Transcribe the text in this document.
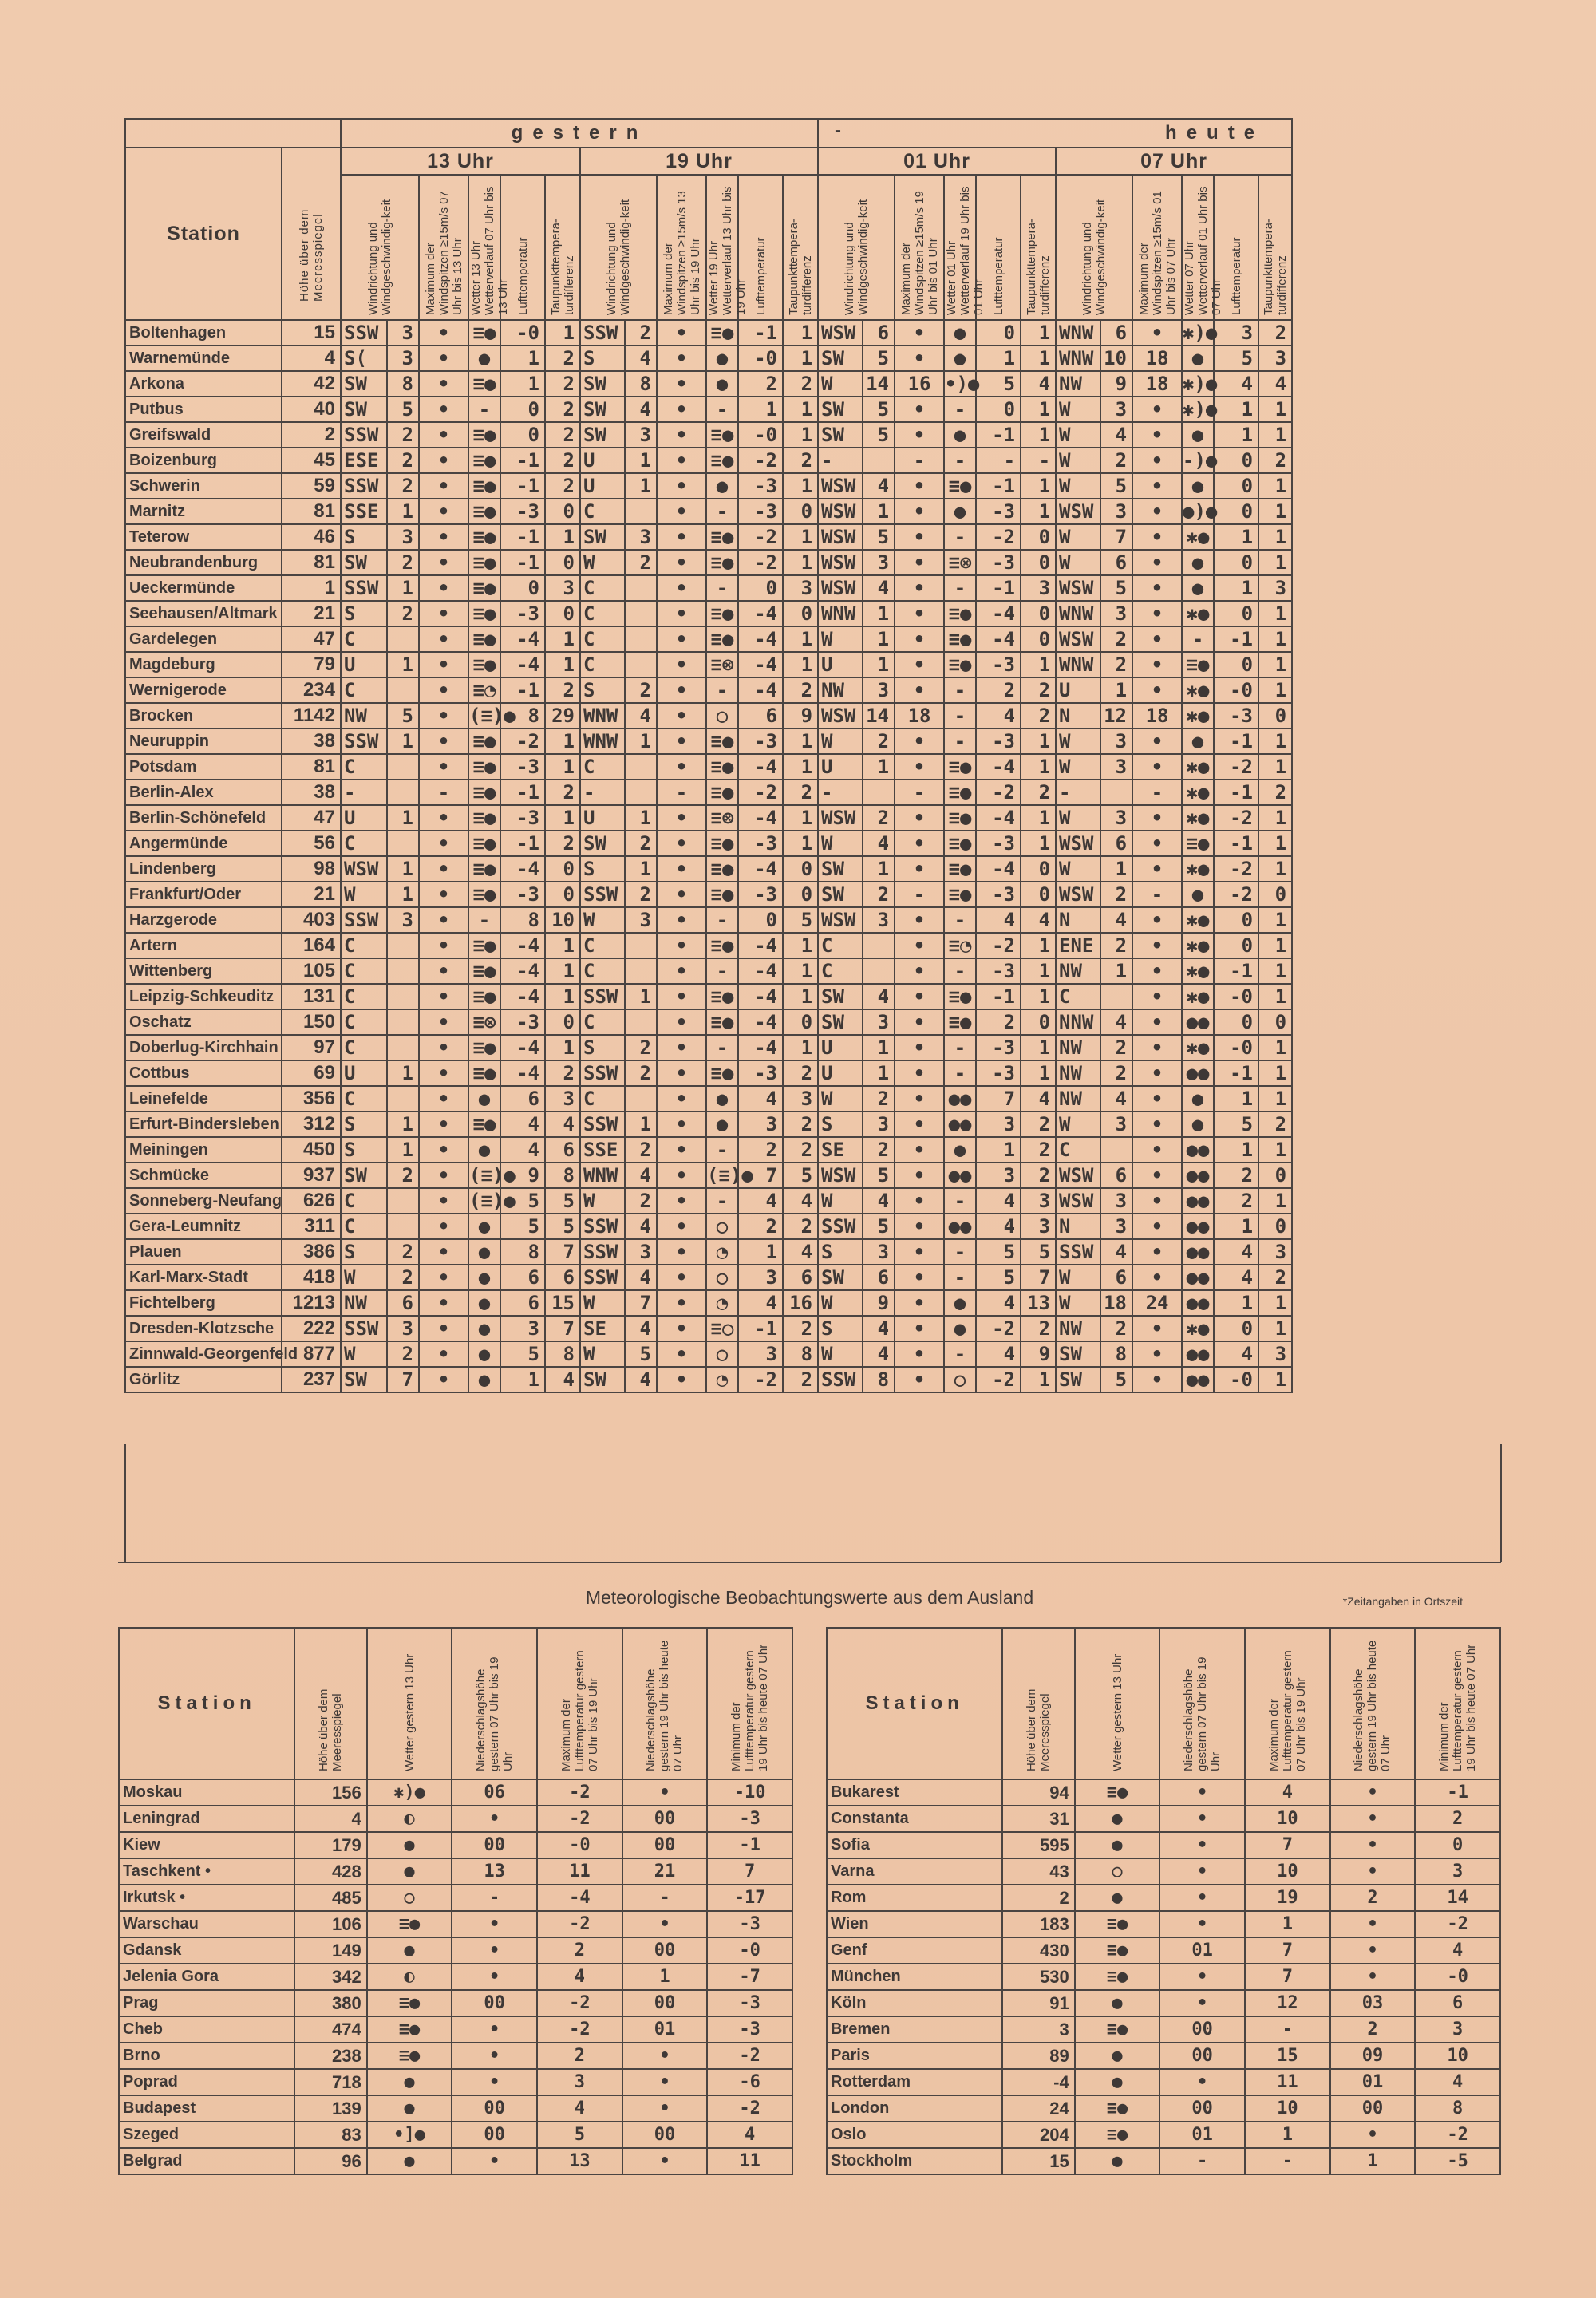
		gestern												- heute											
Station	Höhe über dem Meeresspiegel	13 Uhr						19 Uhr						01 Uhr						07 Uhr					

		Windrichtung und Windgeschwindig-keit		Maximum der Windspitzen ≥15m/s 07 Uhr bis 13 Uhr	Wetter 13 Uhr Wetterverlauf 07 Uhr bis 13 Uhr	Lufttemperatur	Taupunkttempera-turdifferenz	Windrichtung und Windgeschwindig-keit		Maximum der Windspitzen ≥15m/s 13 Uhr bis 19 Uhr	Wetter 19 Uhr Wetterverlauf 13 Uhr bis 19 Uhr	Lufttemperatur	Taupunkttempera-turdifferenz	Windrichtung und Windgeschwindig-keit		Maximum der Windspitzen ≥15m/s 19 Uhr bis 01 Uhr	Wetter 01 Uhr Wetterverlauf 19 Uhr bis 01 Uhr	Lufttemperatur	Taupunkttempera-turdifferenz	Windrichtung und Windgeschwindig-keit		Maximum der Windspitzen ≥15m/s 01 Uhr bis 07 Uhr	Wetter 07 Uhr Wetterverlauf 01 Uhr bis 07 Uhr	Lufttemperatur	Taupunkttempera-turdifferenz

Boltenhagen	15	SSW	3	•	≡●	-0	1	SSW	2	•	≡●	-1	1	WSW	6	•	●	0	1	WNW	6	•	✱)●	3	2
Warnemünde	4	S(	3	•	●	1	2	S	4	•	●	-0	1	SW	5	•	●	1	1	WNW	10	18	●	5	3
Arkona	42	SW	8	•	≡●	1	2	SW	8	•	●	2	2	W	14	16	•)●	5	4	NW	9	18	✱)●	4	4
Putbus	40	SW	5	•	-	0	2	SW	4	•	-	1	1	SW	5	•	-	0	1	W	3	•	✱)●	1	1
Greifswald	2	SSW	2	•	≡●	0	2	SW	3	•	≡●	-0	1	SW	5	•	●	-1	1	W	4	•	●	1	1
Boizenburg	45	ESE	2	•	≡●	-1	2	U	1	•	≡●	-2	2	-		-	-	-	-	W	2	•	-)●	0	2
Schwerin	59	SSW	2	•	≡●	-1	2	U	1	•	●	-3	1	WSW	4	•	≡●	-1	1	W	5	•	●	0	1
Marnitz	81	SSE	1	•	≡●	-3	0	C		•	-	-3	0	WSW	1	•	●	-3	1	WSW	3	•	●)●	0	1
Teterow	46	S	3	•	≡●	-1	1	SW	3	•	≡●	-2	1	WSW	5	•	-	-2	0	W	7	•	✱●	1	1
Neubrandenburg	81	SW	2	•	≡●	-1	0	W	2	•	≡●	-2	1	WSW	3	•	≡⊗	-3	0	W	6	•	●	0	1
Ueckermünde	1	SSW	1	•	≡●	0	3	C		•	-	0	3	WSW	4	•	-	-1	3	WSW	5	•	●	1	3
Seehausen/Altmark	21	S	2	•	≡●	-3	0	C		•	≡●	-4	0	WNW	1	•	≡●	-4	0	WNW	3	•	✱●	0	1
Gardelegen	47	C		•	≡●	-4	1	C		•	≡●	-4	1	W	1	•	≡●	-4	0	WSW	2	•	-	-1	1
Magdeburg	79	U	1	•	≡●	-4	1	C		•	≡⊗	-4	1	U	1	•	≡●	-3	1	WNW	2	•	≡●	0	1
Wernigerode	234	C		•	≡◔	-1	2	S	2	•	-	-4	2	NW	3	•	-	2	2	U	1	•	✱●	-0	1
Brocken	1142	NW	5	•	(≡)●	8	29	WNW	4	•	○	6	9	WSW	14	18	-	4	2	N	12	18	✱●	-3	0
Neuruppin	38	SSW	1	•	≡●	-2	1	WNW	1	•	≡●	-3	1	W	2	•	-	-3	1	W	3	•	●	-1	1
Potsdam	81	C		•	≡●	-3	1	C		•	≡●	-4	1	U	1	•	≡●	-4	1	W	3	•	✱●	-2	1
Berlin-Alex	38	-		-	≡●	-1	2	-		-	≡●	-2	2	-		-	≡●	-2	2	-		-	✱●	-1	2
Berlin-Schönefeld	47	U	1	•	≡●	-3	1	U	1	•	≡⊗	-4	1	WSW	2	•	≡●	-4	1	W	3	•	✱●	-2	1
Angermünde	56	C		•	≡●	-1	2	SW	2	•	≡●	-3	1	W	4	•	≡●	-3	1	WSW	6	•	≡●	-1	1
Lindenberg	98	WSW	1	•	≡●	-4	0	S	1	•	≡●	-4	0	SW	1	•	≡●	-4	0	W	1	•	✱●	-2	1
Frankfurt/Oder	21	W	1	•	≡●	-3	0	SSW	2	•	≡●	-3	0	SW	2	-	≡●	-3	0	WSW	2	-	●	-2	0
Harzgerode	403	SSW	3	•	-	8	10	W	3	•	-	0	5	WSW	3	•	-	4	4	N	4	•	✱●	0	1
Artern	164	C		•	≡●	-4	1	C		•	≡●	-4	1	C		•	≡◔	-2	1	ENE	2	•	✱●	0	1
Wittenberg	105	C		•	≡●	-4	1	C		•	-	-4	1	C		•	-	-3	1	NW	1	•	✱●	-1	1
Leipzig-Schkeuditz	131	C		•	≡●	-4	1	SSW	1	•	≡●	-4	1	SW	4	•	≡●	-1	1	C		•	✱●	-0	1
Oschatz	150	C		•	≡⊗	-3	0	C		•	≡●	-4	0	SW	3	•	≡●	2	0	NNW	4	•	●●	0	0
Doberlug-Kirchhain	97	C		•	≡●	-4	1	S	2	•	-	-4	1	U	1	•	-	-3	1	NW	2	•	✱●	-0	1
Cottbus	69	U	1	•	≡●	-4	2	SSW	2	•	≡●	-3	2	U	1	•	-	-3	1	NW	2	•	●●	-1	1
Leinefelde	356	C		•	●	6	3	C		•	●	4	3	W	2	•	●●	7	4	NW	4	•	●	1	1
Erfurt-Bindersleben	312	S	1	•	≡●	4	4	SSW	1	•	●	3	2	S	3	•	●●	3	2	W	3	•	●	5	2
Meiningen	450	S	1	•	●	4	6	SSE	2	•	-	2	2	SE	2	•	●	1	2	C		•	●●	1	1
Schmücke	937	SW	2	•	(≡)●	9	8	WNW	4	•	(≡)●	7	5	WSW	5	•	●●	3	2	WSW	6	•	●●	2	0
Sonneberg-Neufang	626	C		•	(≡)●	5	5	W	2	•	-	4	4	W	4	•	-	4	3	WSW	3	•	●●	2	1
Gera-Leumnitz	311	C		•	●	5	5	SSW	4	•	○	2	2	SSW	5	•	●●	4	3	N	3	•	●●	1	0
Plauen	386	S	2	•	●	8	7	SSW	3	•	◔	1	4	S	3	•	-	5	5	SSW	4	•	●●	4	3
Karl-Marx-Stadt	418	W	2	•	●	6	6	SSW	4	•	○	3	6	SW	6	•	-	5	7	W	6	•	●●	4	2
Fichtelberg	1213	NW	6	•	●	6	15	W	7	•	◔	4	16	W	9	•	●	4	13	W	18	24	●●	1	1
Dresden-Klotzsche	222	SSW	3	•	●	3	7	SE	4	•	≡○	-1	2	S	4	•	●	-2	2	NW	2	•	✱●	0	1
Zinnwald-Georgenfeld	877	W	2	•	●	5	8	W	5	•	○	3	8	W	4	•	-	4	9	SW	8	•	●●	4	3
Görlitz	237	SW	7	•	●	1	4	SW	4	•	◔	-2	2	SSW	8	•	○	-2	1	SW	5	•	●●	-0	1
Meteorologische Beobachtungswerte aus dem Ausland	*Zeitangaben in Ortszeit
Station	Höhe über dem Meeresspiegel	Wetter gestern 13 Uhr	Niederschlagshöhe gestern 07 Uhr bis 19 Uhr	Maximum der Lufttemperatur gestern 07 Uhr bis 19 Uhr	Niederschlagshöhe gestern 19 Uhr bis heute 07 Uhr	Minimum der Lufttemperatur gestern 19 Uhr bis heute 07 Uhr

Moskau	156	✱)●	06	-2	•	-10
Leningrad	4	◐	•	-2	00	-3
Kiew	179	●	00	-0	00	-1
Taschkent •	428	●	13	11	21	7
Irkutsk •	485	○	-	-4	-	-17
Warschau	106	≡●	•	-2	•	-3
Gdansk	149	●	•	2	00	-0
Jelenia Gora	342	◐	•	4	1	-7
Prag	380	≡●	00	-2	00	-3
Cheb	474	≡●	•	-2	01	-3
Brno	238	≡●	•	2	•	-2
Poprad	718	●	•	3	•	-6
Budapest	139	●	00	4	•	-2
Szeged	83	•]●	00	5	00	4
Belgrad	96	●	•	13	•	11
Station	Höhe über dem Meeresspiegel	Wetter gestern 13 Uhr	Niederschlagshöhe gestern 07 Uhr bis 19 Uhr	Maximum der Lufttemperatur gestern 07 Uhr bis 19 Uhr	Niederschlagshöhe gestern 19 Uhr bis heute 07 Uhr	Minimum der Lufttemperatur gestern 19 Uhr bis heute 07 Uhr

Bukarest	94	≡●	•	4	•	-1
Constanta	31	●	•	10	•	2
Sofia	595	●	•	7	•	0
Varna	43	○	•	10	•	3
Rom	2	●	•	19	2	14
Wien	183	≡●	•	1	•	-2
Genf	430	≡●	01	7	•	4
München	530	≡●	•	7	•	-0
Köln	91	●	•	12	03	6
Bremen	3	≡●	00	-	2	3
Paris	89	●	00	15	09	10
Rotterdam	-4	●	•	11	01	4
London	24	≡●	00	10	00	8
Oslo	204	≡●	01	1	•	-2
Stockholm	15	●	-	-	1	-5
